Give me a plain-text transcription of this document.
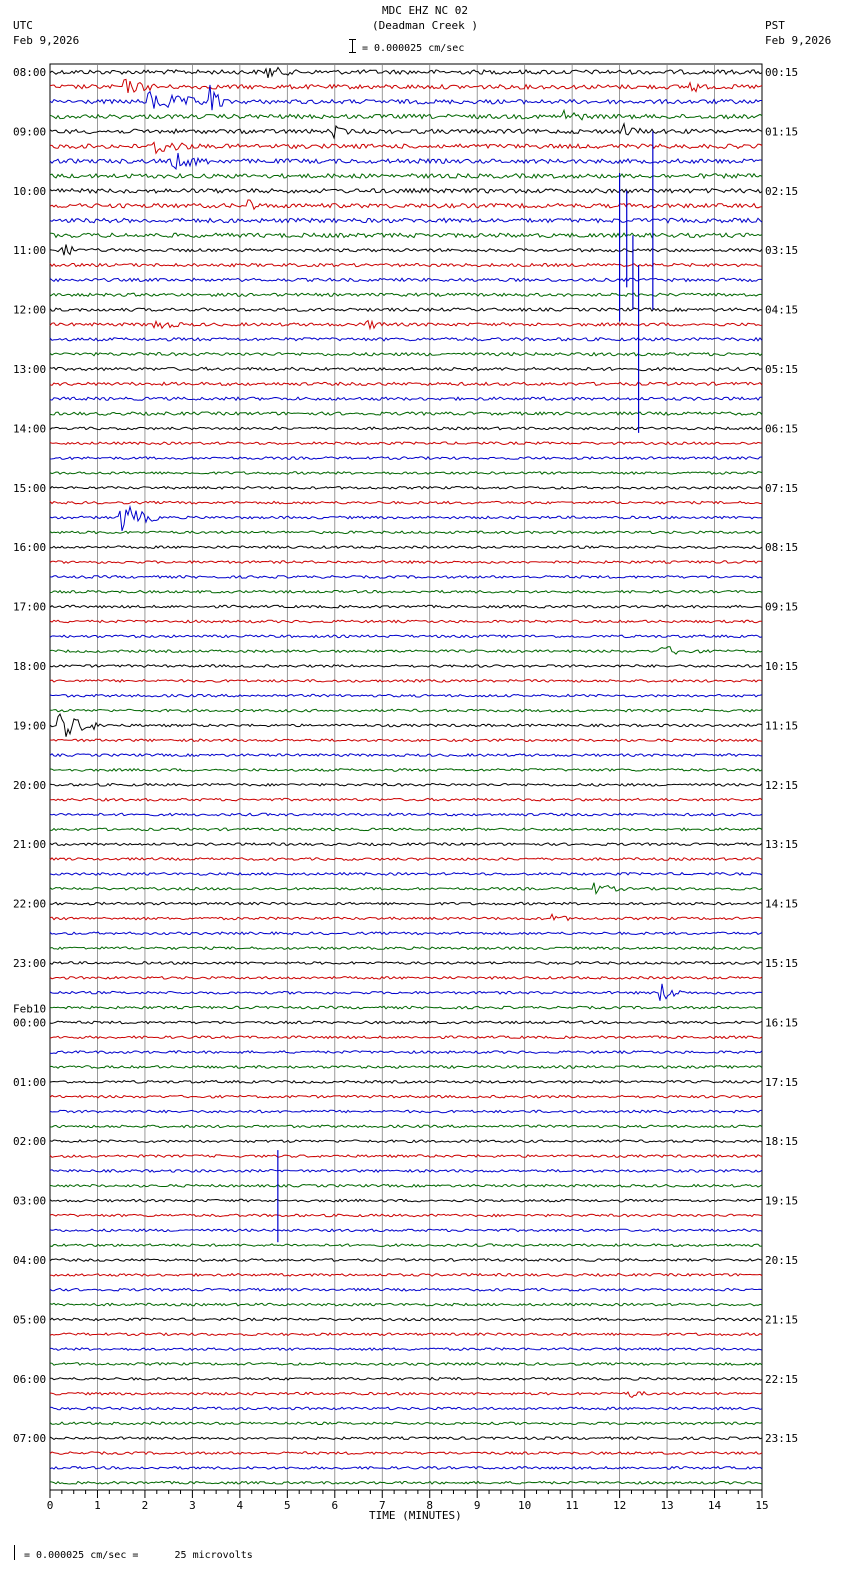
MDC EHZ NC 02
(Deadman Creek )
= 0.000025 cm/sec
UTC
Feb 9,2026
PST
Feb 9,2026
0	1	2	3	4	5	6	7	8	9	10	11	12	13	14	15
08:00
09:00
10:00
11:00
12:00
13:00
14:00
15:00
16:00
17:00
18:00
19:00
20:00
21:00
22:00
23:00
00:00
01:00
02:00
03:00
04:00
05:00
06:00
07:00
00:15
01:15
02:15
03:15
04:15
05:15
06:15
07:15
08:15
09:15
10:15
11:15
12:15
13:15
14:15
15:15
16:15
17:15
18:15
19:15
20:15
21:15
22:15
23:15
Feb10
TIME (MINUTES)
= 0.000025 cm/sec =      25 microvolts
